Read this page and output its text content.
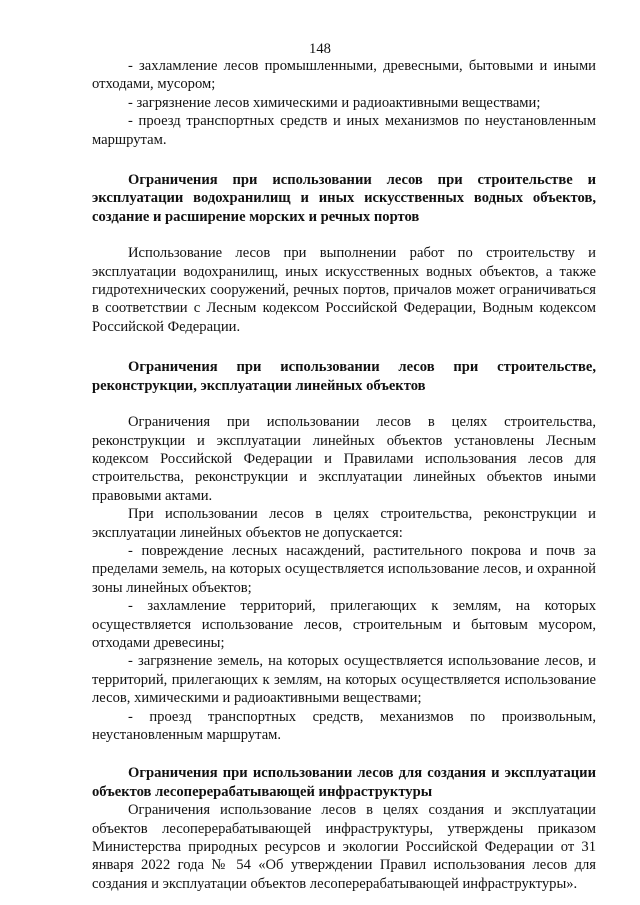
148

- захламление лесов промышленными, древесными, бытовыми и иными отходами, мусором;

- загрязнение лесов химическими и радиоактивными веществами;

- проезд транспортных средств и иных механизмов по неустановленным маршрутам.

Ограничения при использовании лесов при строительстве и эксплуатации водохранилищ и иных искусственных водных объектов, создание и расширение морских и речных портов

Использование лесов при выполнении работ по строительству и эксплуатации водохранилищ, иных искусственных водных объектов, а также гидротехнических сооружений, речных портов, причалов может ограничиваться в соответствии с Лесным кодексом Российской Федерации, Водным кодексом Российской Федерации.

Ограничения при использовании лесов при строительстве, реконструкции, эксплуатации линейных объектов

Ограничения при использовании лесов в целях строительства, реконструкции и эксплуатации линейных объектов установлены Лесным кодексом Российской Федерации и Правилами использования лесов для строительства, реконструкции и эксплуатации линейных объектов иными правовыми актами.

При использовании лесов в целях строительства, реконструкции и эксплуатации линейных объектов не допускается:

- повреждение лесных насаждений, растительного покрова и почв за пределами земель, на которых осуществляется использование лесов, и охранной зоны линейных объектов;

- захламление территорий, прилегающих к землям, на которых осуществляется использование лесов, строительным и бытовым мусором, отходами древесины;

- загрязнение земель, на которых осуществляется использование лесов, и территорий, прилегающих к землям, на которых осуществляется использование лесов, химическими и радиоактивными веществами;

- проезд транспортных средств, механизмов по произвольным, неустановленным маршрутам.

Ограничения при использовании лесов для создания и эксплуатации объектов лесоперерабатывающей инфраструктуры

Ограничения использование лесов в целях создания и эксплуатации объектов лесоперерабатывающей инфраструктуры, утверждены приказом Министерства природных ресурсов и экологии Российской Федерации от 31 января 2022 года № 54 «Об утверждении Правил использования лесов для создания и эксплуатации объектов лесоперерабатывающей инфраструктуры».
